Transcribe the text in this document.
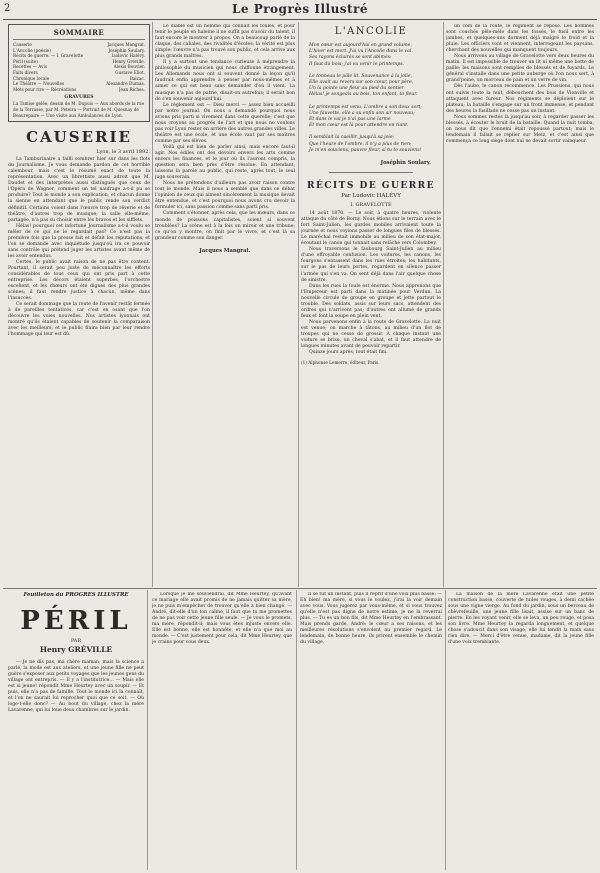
2	Le Progrès Illustré
SOMMAIRE
Causerie	Jacques Mangrat.
L'Ancolie (poésie)	Joséphin Soulary.
Récits de guerre. — I. Gravelotte	Ludovic Halévy.
Péril (suite)	Henry Gréville.
Recettes — Avis	Alexis Bouvier.
Faits divers	Gustave Eliot.
Chronique locale	Balzac.
Le Théâtre — Nouvelles	Alexandre Dumas.
Mots pour rire — Récréations	Jean Riches.
GRAVURES
La Tamise gelée, dessin de M. Dupuis — Aux abords de la rue de la Terrasse, par M. Peteira — Portrait de M. Quesnay de Beaurepaire — Une visite aux Ambulances de Lyon.
CAUSERIE
Lyon, le 3 avril 1892.

La Tamburinaire a failli sombrer hier sur dans les flots du Journalisme. Je vous demande pardon de cet horrible calembour, mais c'est le résumé exact de toute la représentation. Avec un librettiste aussi adroit que M. Daudet et des interprètes aussi distingués que ceux de l'Opéra de Wagner, comment un tel naufrage a-t-il pu se produire? Tout le monde a son explication, et chacun donne la sienne en attendant que le public rende son verdict définitif. Certains voient dans l'œuvre trop de rêverie et de théâtre, d'autres trop de musique; la salle elle-même, partagée, n'a pas su choisir entre les bravos et les sifflets.

Hélas! pourquoi cet infortuné Journalisme a-t-il voulu se mêler de ce qui ne le regardait pas? Ce n'est pas la première fois que la presse fait et défait les réputations, et l'on se demande avec inquiétude jusqu'où ira ce pouvoir sans contrôle qui prétend juger les artistes avant même de les avoir entendus.

Certes, le public avait raison de ne pas être content. Pourtant, il serait peu juste de méconnaître les efforts considérables de tous ceux qui ont pris part à cette entreprise. Les décors étaient superbes, l'orchestre excellent, et les chœurs ont été dignes des plus grandes scènes; il faut rendre justice à chacun, même dans l'insuccès.

Ce serait dommage que la route de l'avenir restât fermée à de pareilles tentatives, car c'est en osant que l'on découvre les voies nouvelles. Nos artistes lyonnais ont montré qu'ils étaient capables de soutenir la comparaison avec les meilleurs, et le public finira bien par leur rendre l'hommage qui leur est dû.

Le diable est un homme qui connaît les foules, et pour tenir le peuple en haleine il ne suffit pas d'avoir du talent, il faut encore le montrer à propos. On a beaucoup parlé de la claque, des cabales, des rivalités d'écoles; la vérité est plus simple: l'œuvre n'a pas trouvé son public, et cela arrive aux plus grands maîtres.

Il y a surtout une tendance curieuse à méprendre la philosophie du musicien qui nous chiffonne étrangement. Les Allemands nous ont si souvent donné la leçon qu'il faudrait enfin apprendre à penser par nous-mêmes et à aimer ce qui est beau sans demander d'où il vient. La musique n'a pas de patrie, disait-on autrefois; il serait bon de s'en souvenir aujourd'hui.

Le règlement est — Dieu merci — assez bien accueilli par notre journal. On nous a demandé pourquoi nous avions pris parti si vivement dans cette querelle; c'est que nous croyons au progrès de l'art et que nous ne voulons pas voir Lyon rester en arrière des autres grandes villes. Le théâtre est une école, et une école vaut par ses maîtres comme par ses élèves.

Voilà qui est bien de parler ainsi, mais encore faut-il agir. Nos édiles ont des devoirs envers les arts comme envers les finances, et le jour où ils l'auront compris, la question sera bien près d'être résolue. En attendant, laissons la parole au public, qui reste, après tout, le seul juge souverain.

Nous ne prétendons d'ailleurs pas avoir raison contre tout le monde. Mais il nous a semblé que dans ce débat l'opinion de ceux qui aiment sincèrement la musique devait être entendue, et c'est pourquoi nous avons cru devoir la formuler ici, sans passion comme sans parti pris.

Comment s'étonner, après cela, que les mœurs, dans ce monde de poissons capitalistes, soient si souvent troublées? La scène est à la fois un miroir et une tribune; ce qu'on y montre, on finit par le vivre, et c'est là sa grandeur comme son danger.

Jacques Mangrat.
L'ANCOLIE

Mon cœur est aujourd'hui en grand volume,

L'hiver est mort. J'ai vu l'Ancolie dans le val.

Ses rayons éclairés se sont abimés:

Il faut du bois; j'ai vu venir le printemps.

Le tonneau le pâle lit. Souvenance à la jolie,

Elle avait au revers sur son cœur, pour père,

Un la pointe une fleur au pied du sentier

Hélas! je songeais au bois, ton enfant, ta fleur.

Le printemps est venu, L'ombre a son doux sort;

Une fauvette, elle a su enfin son air nouveau;

Et dans le val je n'ai pas une larme

Et mon cœur est là pour attendre en riant.

Il semblait la cueillir, jusqu'à sa joie;

Que l'heure de l'ombre, il n'y a plus de rien;

Je m'en souviens, pauvre fleur, si tu te souviens!

Joséphin Soulary.
RÉCITS DE GUERRE
Par Ludovic HALÉVY
I. GRAVELOTTE

14 août 1870. — Le soir, à quatre heures, violente attaque du côté de Borny. Nous étions sur le terrain avec le fort Saint-Julien, les gardes mobiles arrivaient toute la journée et nous voyions passer de longues files de blessés. Le maréchal restait immobile au milieu de son état-major, écoutant le canon qui tonnait sans relâche vers Colombey.

Nous traversons le faubourg Saint-Julien au milieu d'une effroyable confusion. Les voitures, les canons, les fourgons s'entassent dans les rues étroites; les habitants, sur le pas de leurs portes, regardent en silence passer l'armée qui s'en va. On sent déjà dans l'air quelque chose de sinistre.

Dans les rues la foule est énorme. Nous apprenons que l'Empereur est parti dans la matinée pour Verdun. La nouvelle circule de groupe en groupe et jette partout le trouble. Des soldats, assis sur leurs sacs, attendent des ordres qui n'arrivent pas; d'autres ont allumé de grands feux et font la soupe en plein vent.

Nous parvenons enfin à la route de Gravelotte. La nuit est venue; on marche à tâtons, au milieu d'un flot de troupes qui ne cesse de grossir. A chaque instant une voiture se brise, un cheval s'abat, et il faut attendre de longues minutes avant de pouvoir repartir.

Quinze jours après, tout était fini.

(1) Alphonse Lemerre, éditeur, Paris.

un coin de la route, le régiment se repose. Les hommes sont couchés pêle-mêle dans les fossés, le fusil entre les jambes, et quelques-uns dorment déjà malgré le froid et la pluie. Les officiers vont et viennent, interrogeant les paysans, cherchant des nouvelles qui manquent toujours.

Nous arrivons au village de Gravelotte vers deux heures du matin. Il est impossible de trouver un lit ni même une botte de paille; les maisons sont remplies de blessés et de fuyards. Le général s'installe dans une petite auberge où l'on nous sert, à grand'peine, un morceau de pain et un verre de vin.

Dès l'aube, le canon recommence. Les Prussiens, qui nous ont suivis toute la nuit, débouchent des bois de Vionville et attaquent avec fureur. Nos régiments se déploient sur le plateau; la bataille s'engage sur un front immense, et pendant des heures la fusillade ne cesse pas un instant.

Nous sommes restés là jusqu'au soir, à regarder passer les blessés, à écouter le bruit de la bataille. Quand la nuit tomba, on nous dit que l'ennemi était repoussé partout; mais le lendemain il fallait se replier sur Metz, et c'est ainsi que commença ce long siège dont nul ne devait sortir vainqueur.

Feuilleton du PROGRÈS ILLUSTRÉ
PÉRIL
PAR
Henry GRÉVILLE

— Je ne dis pas, ma chère maman, mais la science a parlé, la mode est aux ateliers, et une jeune fille ne peut guère s'exposer aux petits voyages que les jeunes gens du village ont entrepris. — Il y a l'institutrice... — Mais elle est si jeune! répondit Mme Heurtey avec un soupir. — Et puis, elle n'a pas de famille. Tout le monde ici la connaît, et l'on ne saurait lui reprocher quoi que ce soit. — Où loge-t-elle donc? — Au bout du village, chez la mère Lavarenne, qui lui loue deux chambres sur le jardin.

Lorsque je me souviendrai, dit Mme Heurtey, qu'avant ce mariage elle avait promis de ne jamais quitter sa mère, je ne puis m'empêcher de trouver qu'elle a bien changé. — André, dit-elle d'un ton calme, il faut que tu me promettes de ne pas voir cette jeune fille seule. — Je vous le promets, ma mère, répondit-il; mais vous êtes injuste envers elle. Elle est bonne, elle est honnête, et elle n'a que moi au monde. — C'est justement pour cela, dit Mme Heurtey, que je crains pour vous deux.

Il se tut un instant, puis il reprit d'une voix plus basse: — Eh bien! ma mère, si vous le voulez, j'irai la voir demain avec vous. Vous jugerez par vous-même, et si vous trouvez qu'elle n'est pas digne de notre estime, je ne la reverrai plus. — Tu es un bon fils, dit Mme Heurtey en l'embrassant. Mais prends garde, André: le cœur a ses raisons, et les meilleures résolutions s'envolent au premier regard. Le lendemain, de bonne heure, ils prirent ensemble le chemin du village.

La maison de la mère Lavarenne était une petite construction basse, couverte de tuiles rouges, à demi cachée sous une vigne vierge. Au fond du jardin, sous un berceau de chèvrefeuille, une jeune fille lisait, assise sur un banc de pierre. En les voyant venir, elle se leva, un peu rouge, et posa son livre. Mme Heurtey la regarda longuement, et quelque chose s'adoucit dans son visage; elle lui tendit la main sans rien dire. — Merci d'être venue, madame, dit la jeune fille d'une voix tremblante.
